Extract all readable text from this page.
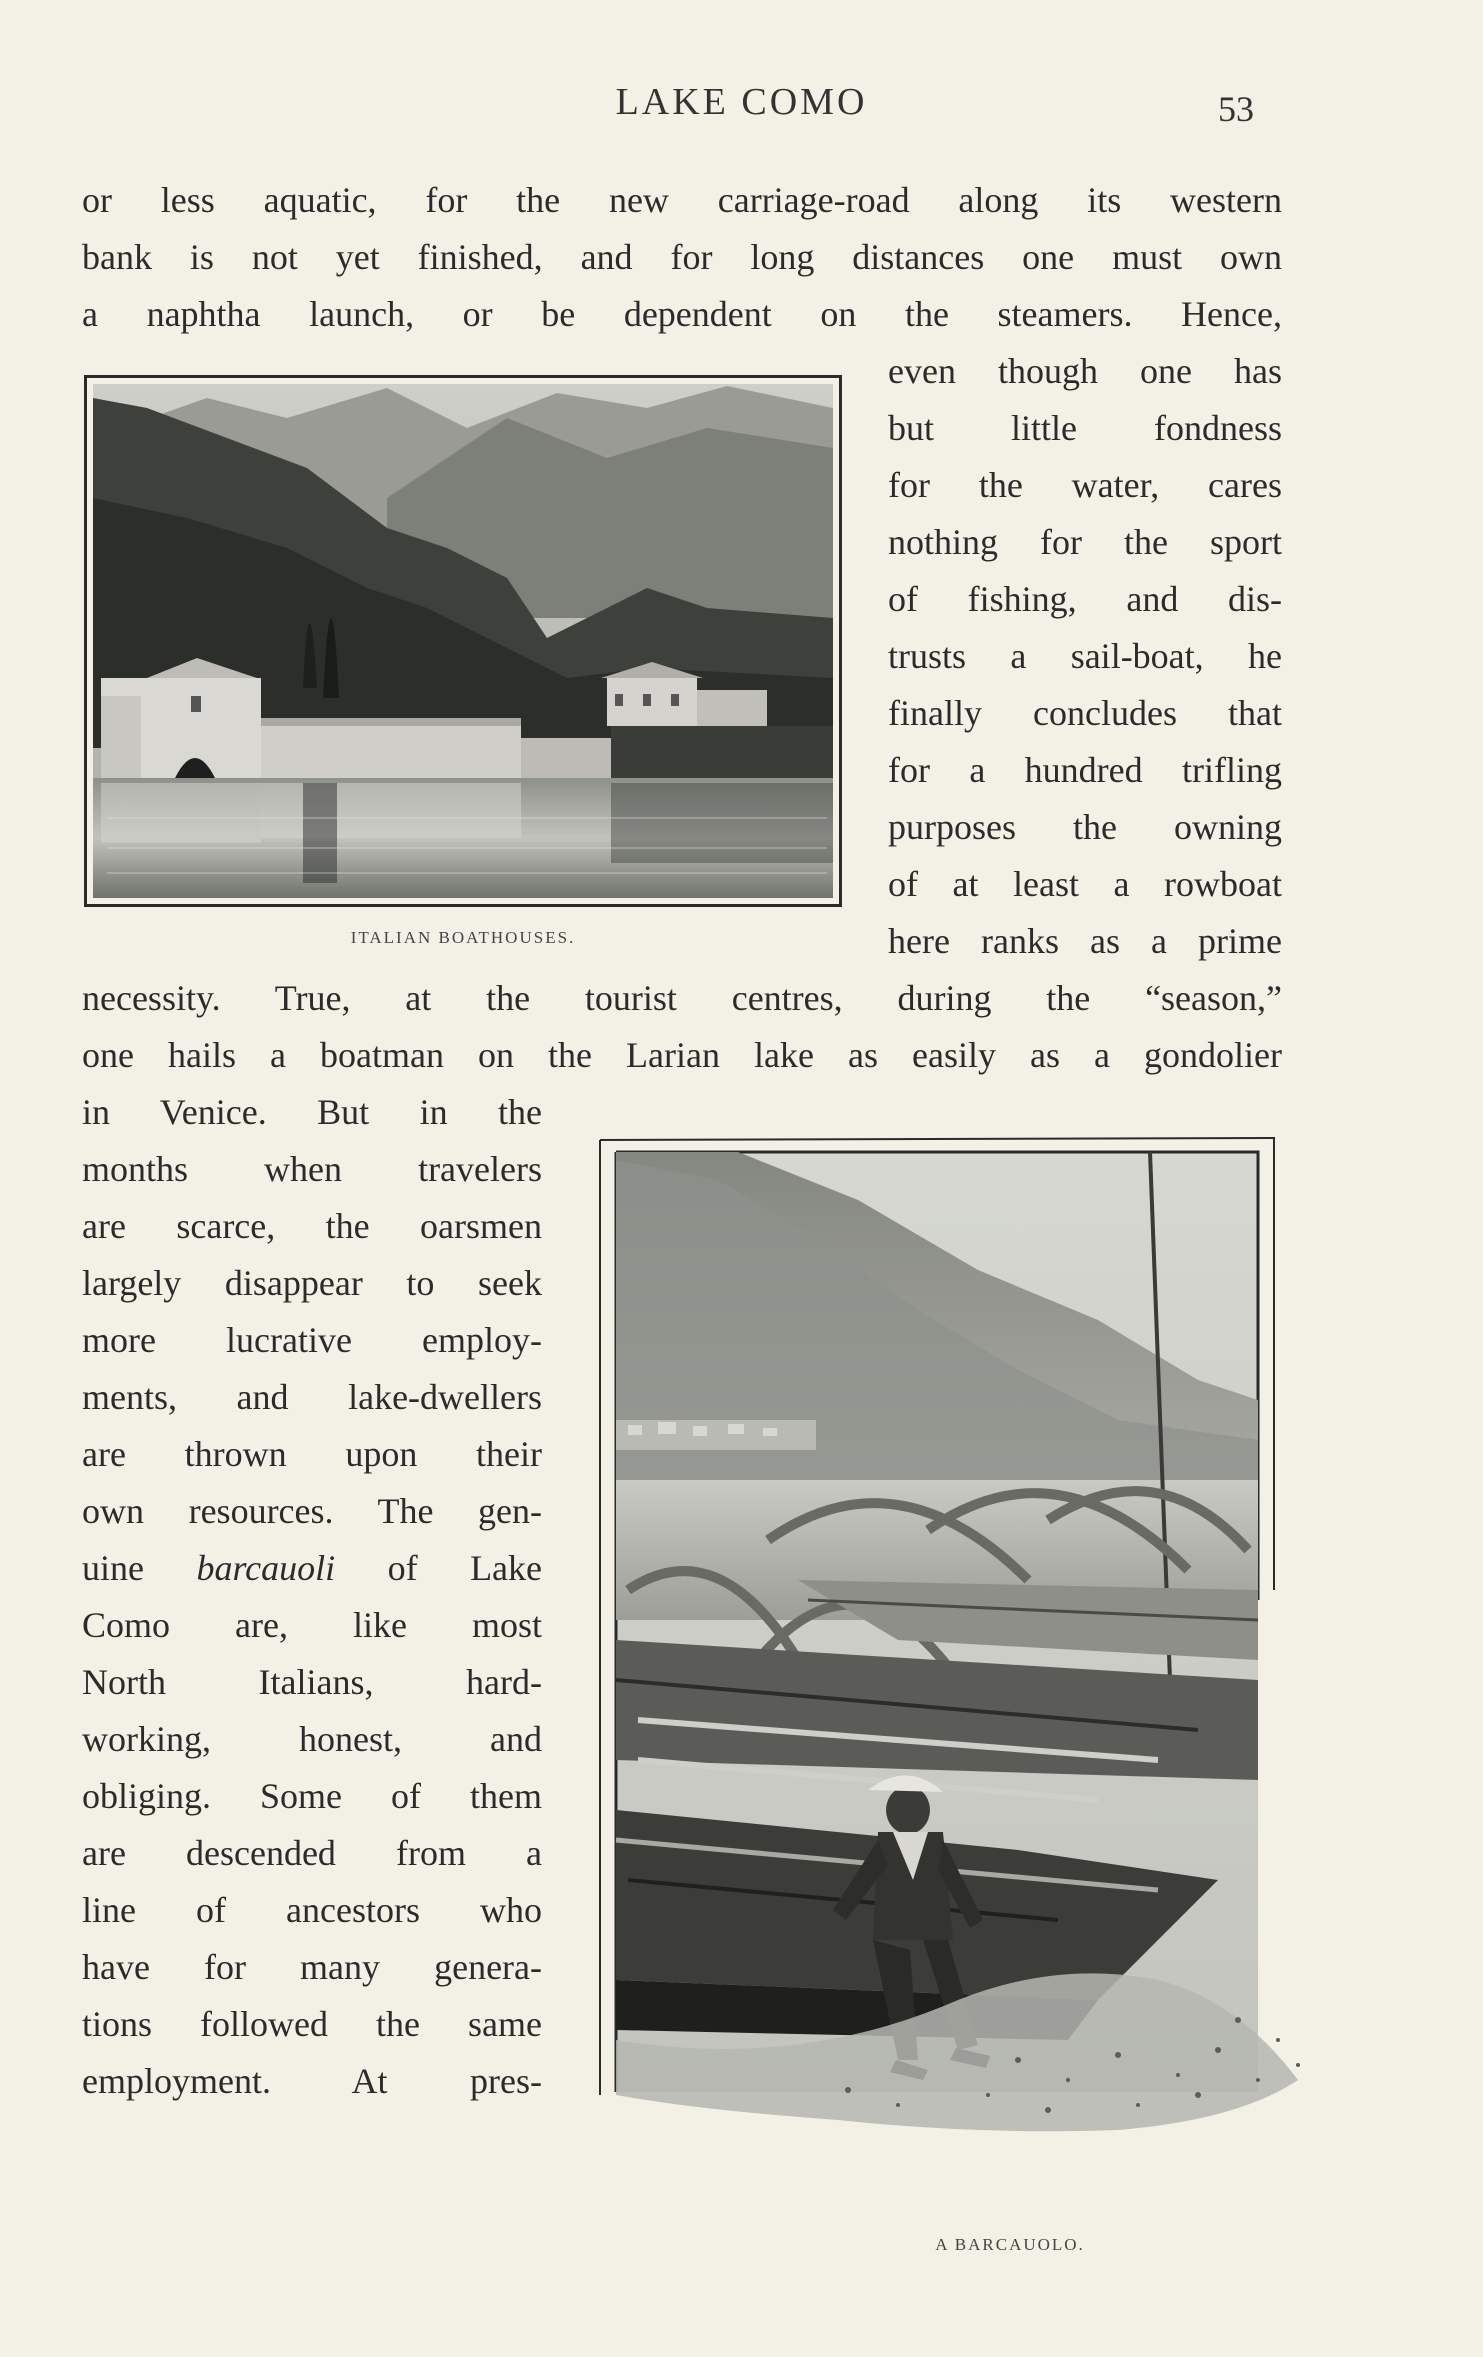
LAKE COMO	53
or less aquatic, for the new carriage-road along its western
bank is not yet finished, and for long distances one must own
a naphtha launch, or be dependent on the steamers. Hence,
ITALIAN BOATHOUSES.
even though one has
but little fondness
for the water, cares
nothing for the sport
of fishing, and dis-
trusts a sail-boat, he
finally concludes that
for a hundred trifling
purposes the owning
of at least a rowboat
here ranks as a prime
necessity. True, at the tourist centres, during the “season,”
one hails a boatman on the Larian lake as easily as a gondolier
in Venice. But in the
months when travelers
are scarce, the oarsmen
largely disappear to seek
more lucrative employ-
ments, and lake-dwellers
are thrown upon their
own resources. The gen-
uine barcauoli of Lake
Como are, like most
North Italians, hard-
working, honest, and
obliging. Some of them
are descended from a
line of ancestors who
have for many genera-
tions followed the same
employment. At pres-
A BARCAUOLO.
